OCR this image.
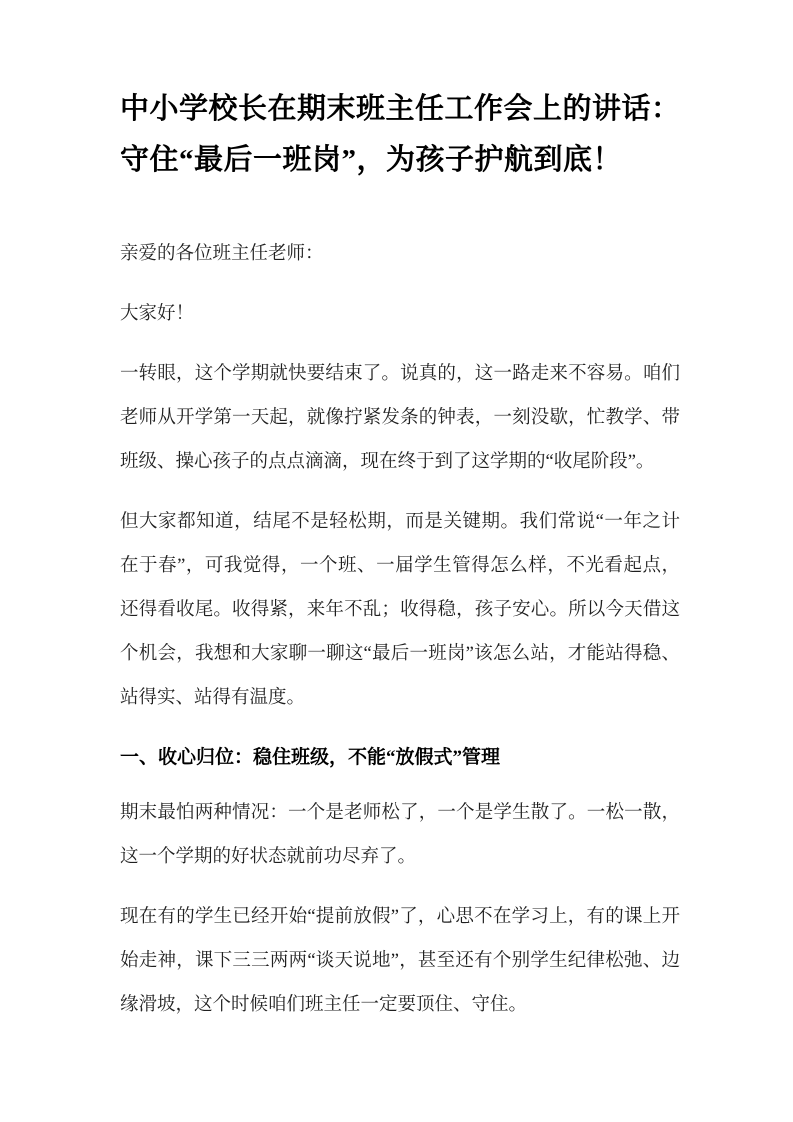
中小学校长在期末班主任工作会上的讲话：
守住“最后一班岗”，为孩子护航到底！

亲爱的各位班主任老师：

大家好！

一转眼，这个学期就快要结束了。说真的，这一路走来不容易。咱们老师从开学第一天起，就像拧紧发条的钟表，一刻没歇，忙教学、带班级、操心孩子的点点滴滴，现在终于到了这学期的“收尾阶段”。

但大家都知道，结尾不是轻松期，而是关键期。我们常说“一年之计在于春”，可我觉得，一个班、一届学生管得怎么样，不光看起点，还得看收尾。收得紧，来年不乱；收得稳，孩子安心。所以今天借这个机会，我想和大家聊一聊这“最后一班岗”该怎么站，才能站得稳、站得实、站得有温度。

一、收心归位：稳住班级，不能“放假式”管理

期末最怕两种情况：一个是老师松了，一个是学生散了。一松一散，这一个学期的好状态就前功尽弃了。

现在有的学生已经开始“提前放假”了，心思不在学习上，有的课上开始走神，课下三三两两“谈天说地”，甚至还有个别学生纪律松弛、边缘滑坡，这个时候咱们班主任一定要顶住、守住。
